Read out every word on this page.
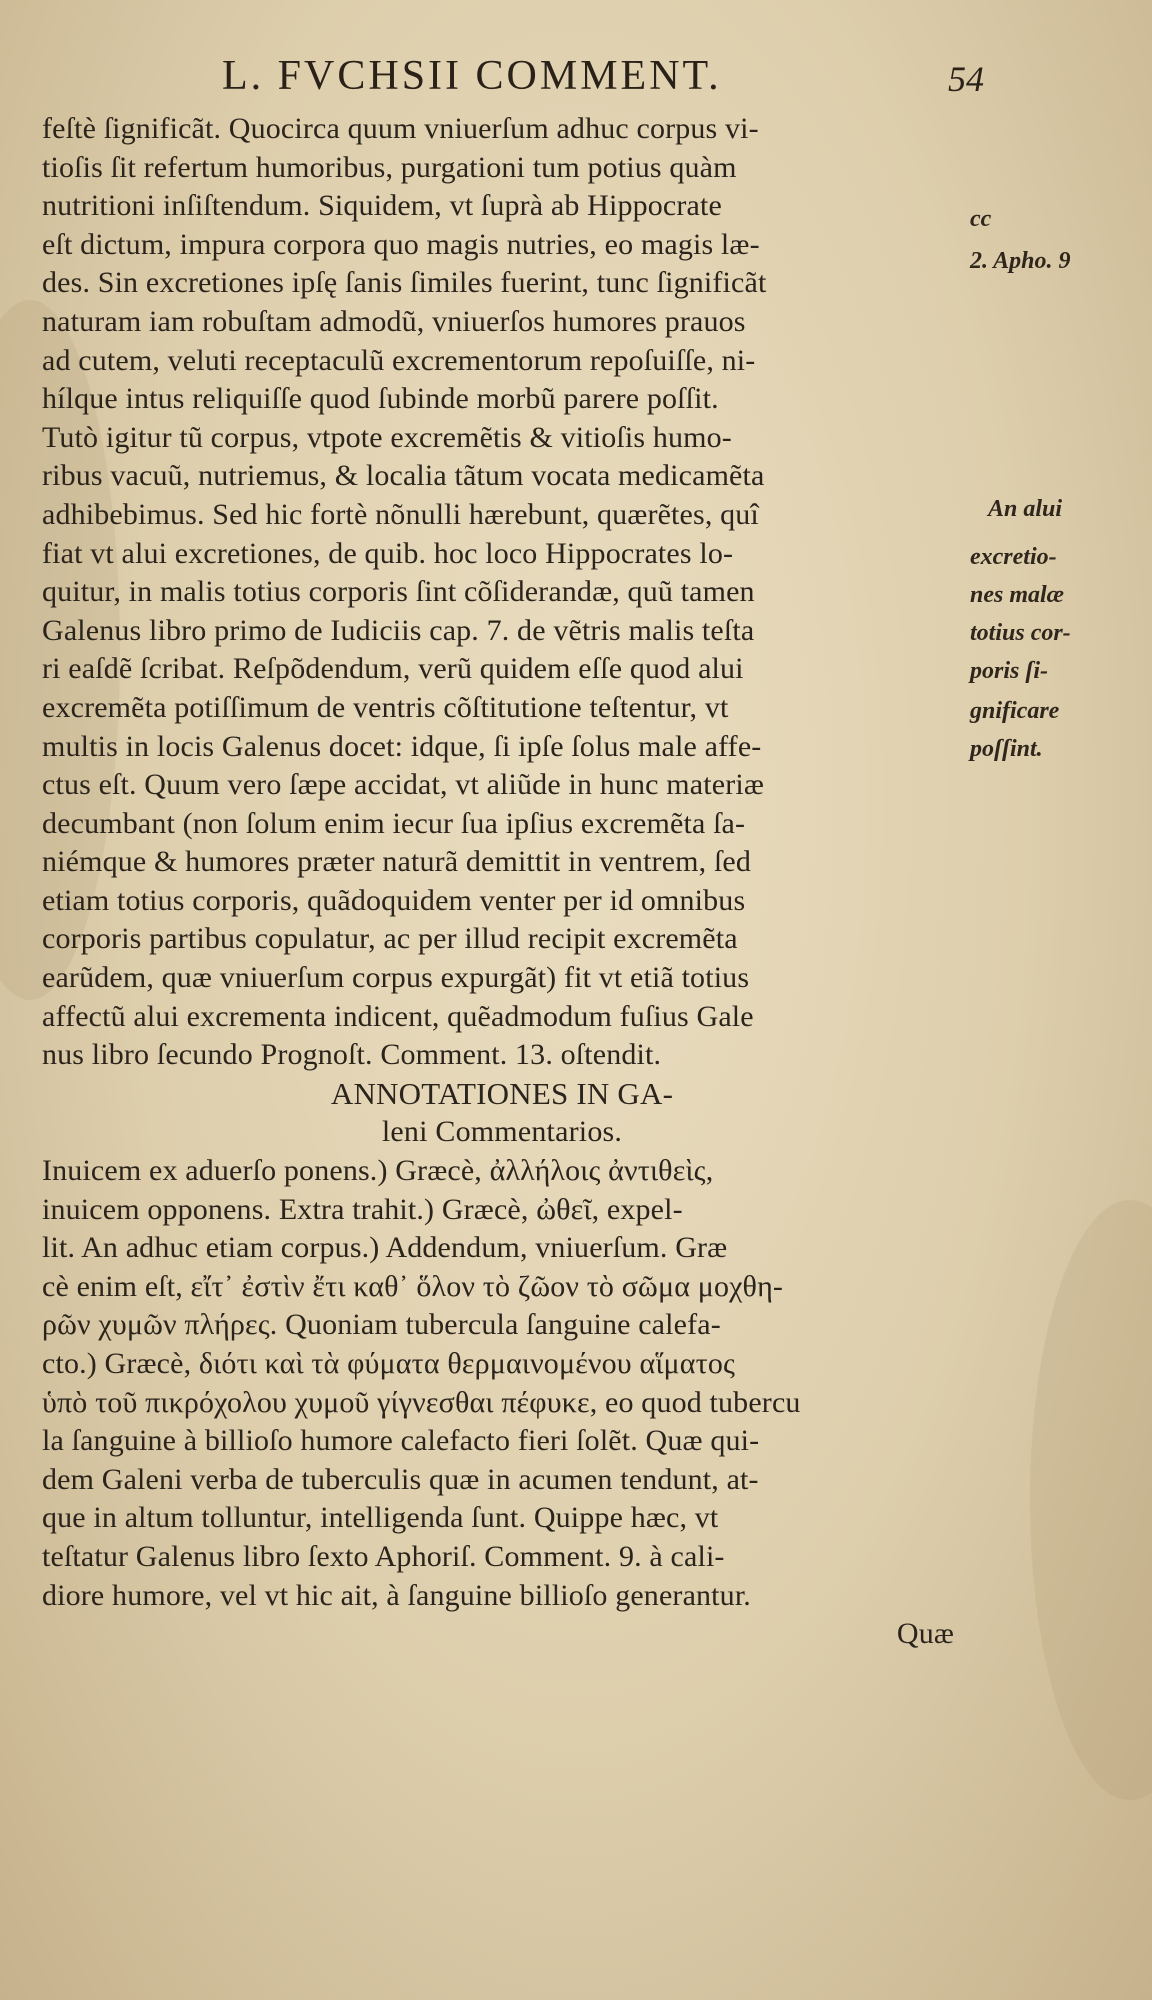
L. FVCHSII COMMENT.	54
feſtè ſignificãt. Quocirca quum vniuerſum adhuc corpus vi-
tioſis ſit refertum humoribus, purgationi tum potius quàm
nutritioni inſiſtendum. Siquidem, vt ſuprà ab Hippocrate
eſt dictum, impura corpora quo magis nutries, eo magis læ-
des. Sin excretiones ipſę ſanis ſimiles fuerint, tunc ſignificãt
naturam iam robuſtam admodũ, vniuerſos humores prauos
ad cutem, veluti receptaculũ excrementorum repoſuiſſe, ni-
hílque intus reliquiſſe quod ſubinde morbũ parere poſſit.
Tutò igitur tũ corpus, vtpote excremẽtis & vitioſis humo-
ribus vacuũ, nutriemus, & localia tãtum vocata medicamẽta
adhibebimus. Sed hic fortè nõnulli hærebunt, quærẽtes, quî
fiat vt alui excretiones, de quib. hoc loco Hippocrates lo-
quitur, in malis totius corporis ſint cõſiderandæ, quũ tamen
Galenus libro primo de Iudiciis cap. 7. de vẽtris malis teſta
ri eaſdẽ ſcribat. Reſpõdendum, verũ quidem eſſe quod alui
excremẽta potiſſimum de ventris cõſtitutione teſtentur, vt
multis in locis Galenus docet: idque, ſi ipſe ſolus male affe-
ctus eſt. Quum vero ſæpe accidat, vt aliũde in hunc materiæ
decumbant (non ſolum enim iecur ſua ipſius excremẽta ſa-
niémque & humores præter naturã demittit in ventrem, ſed
etiam totius corporis, quãdoquidem venter per id omnibus
corporis partibus copulatur, ac per illud recipit excremẽta
earũdem, quæ vniuerſum corpus expurgãt) fit vt etiã totius
affectũ alui excrementa indicent, quẽadmodum fuſius Gale
nus libro ſecundo Prognoſt. Comment. 13. oſtendit.
ANNOTATIONES IN GA-
leni Commentarios.
Inuicem ex aduerſo ponens.) Græcè, ἀλλήλοις ἀντιθεὶς,
inuicem opponens. Extra trahit.) Græcè, ὠθεῖ, expel-
lit. An adhuc etiam corpus.) Addendum, vniuerſum. Græ
cè enim eſt, εἴτ᾽ ἐστὶν ἔτι καθ᾽ ὅλον τὸ ζῶον τὸ σῶμα μοχθη-
ρῶν χυμῶν πλήρες. Quoniam tubercula ſanguine calefa-
cto.) Græcè, διότι καὶ τὰ φύματα θερμαινομένου αἵματος
ὑπὸ τοῦ πικρόχολου χυμοῦ γίγνεσθαι πέφυκε, eo quod tubercu
la ſanguine à billioſo humore calefacto fieri ſolẽt. Quæ qui-
dem Galeni verba de tuberculis quæ in acumen tendunt, at-
que in altum tolluntur, intelligenda ſunt. Quippe hæc, vt
teſtatur Galenus libro ſexto Aphoriſ. Comment. 9. à cali-
diore humore, vel vt hic ait, à ſanguine billioſo generantur.
Quæ
cc
2. Apho. 9
An alui
excretio-
nes malæ
totius cor-
poris ſi-
gnificare
poſſint.
